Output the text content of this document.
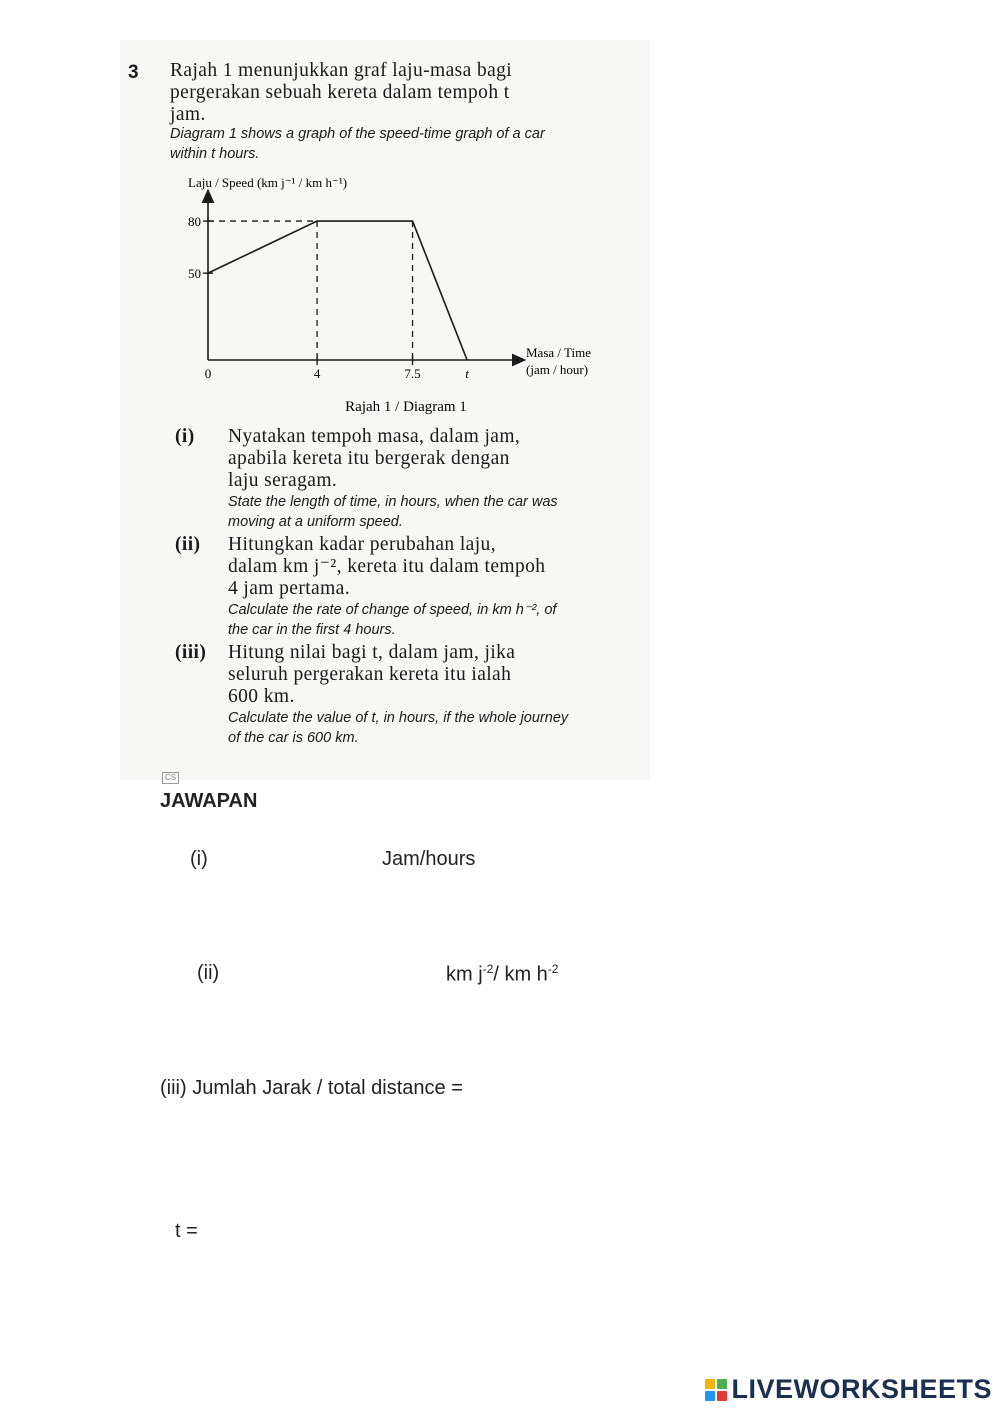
3 Rajah 1 menunjukkan graf laju-masa bagi
pergerakan sebuah kereta dalam tempoh t
jam.
Diagram 1 shows a graph of the speed-time graph of a car
within t hours.
Laju / Speed (km j⁻¹ / km h⁻¹)
50
80
0	4	7.5	t
Masa / Time
(jam / hour)
Rajah 1 / Diagram 1
(i) Nyatakan tempoh masa, dalam jam,
apabila kereta itu bergerak dengan
laju seragam.
State the length of time, in hours, when the car was
moving at a uniform speed.
(ii) Hitungkan kadar perubahan laju,
dalam km j⁻², kereta itu dalam tempoh
4 jam pertama.
Calculate the rate of change of speed, in km h⁻², of
the car in the first 4 hours.
(iii) Hitung nilai bagi t, dalam jam, jika
seluruh pergerakan kereta itu ialah
600 km.
Calculate the value of t, in hours, if the whole journey
of the car is 600 km.
CS
JAWAPAN
(i)	Jam/hours
(ii)	km $j^{-2}/$ km $h^{-2}$
(iii) Jumlah Jarak / total distance =
t =
LIVEWORKSHEETS
